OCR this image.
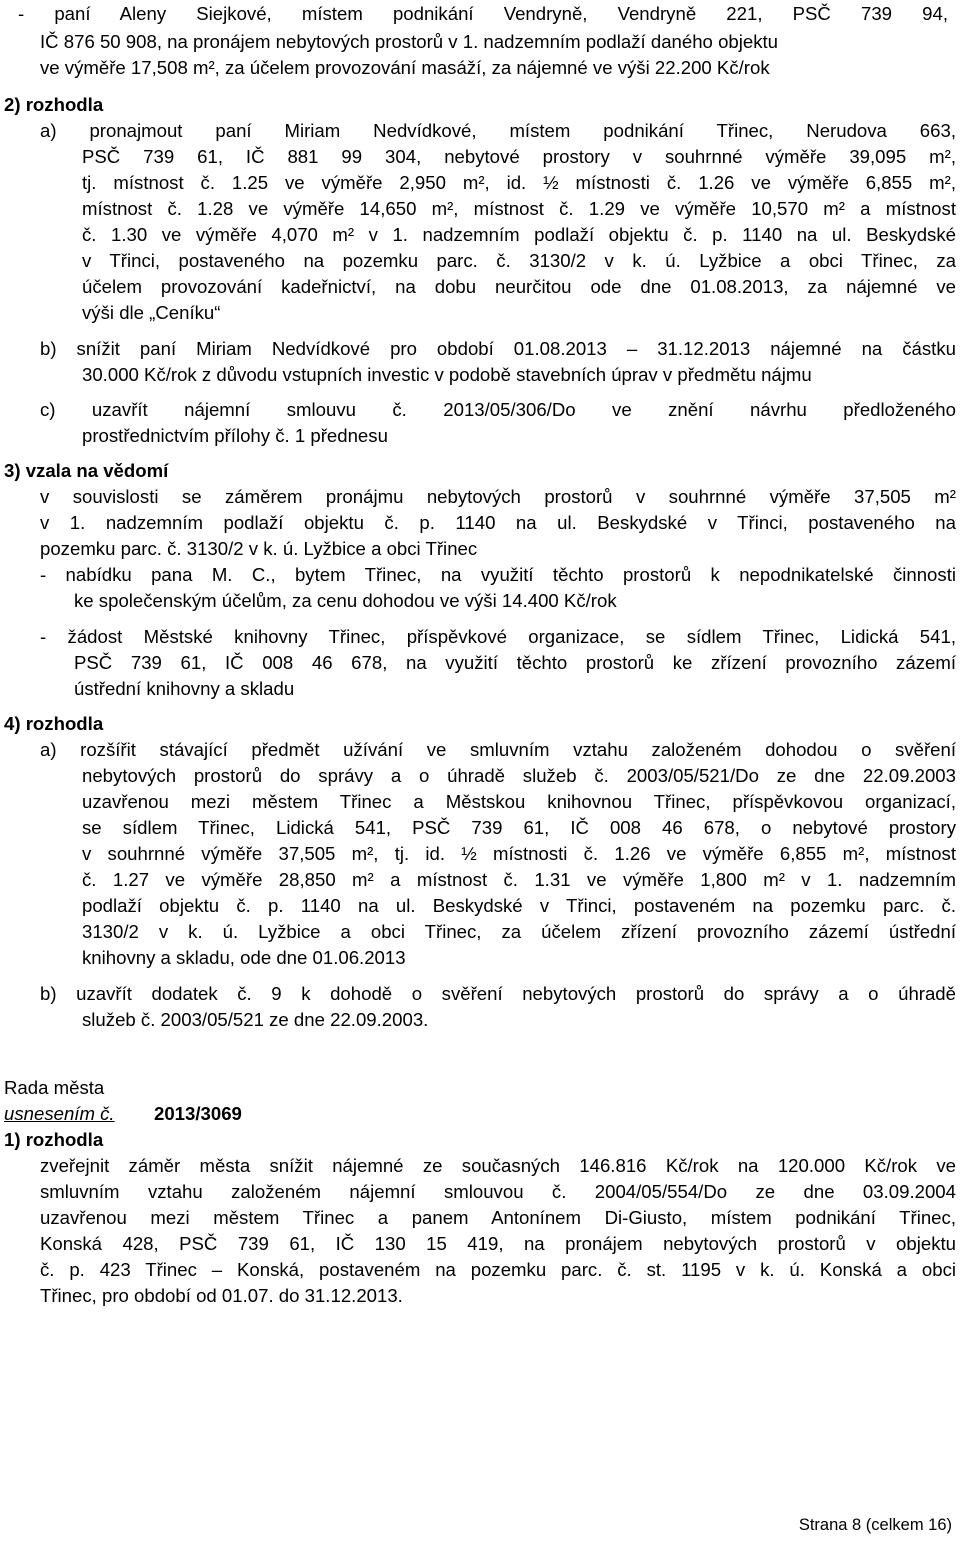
- paní Aleny Siejkové, místem podnikání Vendryně, Vendryně 221, PSČ 739 94,
IČ 876 50 908, na pronájem nebytových prostorů v 1. nadzemním podlaží daného objektu
ve výměře 17,508 m², za účelem provozování masáží, za nájemné ve výši 22.200 Kč/rok
2) rozhodla
a) pronajmout paní Miriam Nedvídkové, místem podnikání Třinec, Nerudova 663,
PSČ 739 61, IČ 881 99 304, nebytové prostory v souhrnné výměře 39,095 m²,
tj. místnost č. 1.25 ve výměře 2,950 m², id. ½ místnosti č. 1.26 ve výměře 6,855 m²,
místnost č. 1.28 ve výměře 14,650 m², místnost č. 1.29 ve výměře 10,570 m² a místnost
č. 1.30 ve výměře 4,070 m² v 1. nadzemním podlaží objektu č. p. 1140 na ul. Beskydské
v Třinci, postaveného na pozemku parc. č. 3130/2 v k. ú. Lyžbice a obci Třinec, za
účelem provozování kadeřnictví, na dobu neurčitou ode dne 01.08.2013, za nájemné ve
výši dle „Ceníku“
b) snížit paní Miriam Nedvídkové pro období 01.08.2013 – 31.12.2013 nájemné na částku
30.000 Kč/rok z důvodu vstupních investic v podobě stavebních úprav v předmětu nájmu
c) uzavřít nájemní smlouvu č. 2013/05/306/Do ve znění návrhu předloženého
prostřednictvím přílohy č. 1 přednesu
3) vzala na vědomí
v souvislosti se záměrem pronájmu nebytových prostorů v souhrnné výměře 37,505 m²
v 1. nadzemním podlaží objektu č. p. 1140 na ul. Beskydské v Třinci, postaveného na
pozemku parc. č. 3130/2 v k. ú. Lyžbice a obci Třinec
- nabídku pana M. C., bytem Třinec, na využití těchto prostorů k nepodnikatelské činnosti
ke společenským účelům, za cenu dohodou ve výši 14.400 Kč/rok
- žádost Městské knihovny Třinec, příspěvkové organizace, se sídlem Třinec, Lidická 541,
PSČ 739 61, IČ 008 46 678, na využití těchto prostorů ke zřízení provozního zázemí
ústřední knihovny a skladu
4) rozhodla
a) rozšířit stávající předmět užívání ve smluvním vztahu založeném dohodou o svěření
nebytových prostorů do správy a o úhradě služeb č. 2003/05/521/Do ze dne 22.09.2003
uzavřenou mezi městem Třinec a Městskou knihovnou Třinec, příspěvkovou organizací,
se sídlem Třinec, Lidická 541, PSČ 739 61, IČ 008 46 678, o nebytové prostory
v souhrnné výměře 37,505 m², tj. id. ½ místnosti č. 1.26 ve výměře 6,855 m², místnost
č. 1.27 ve výměře 28,850 m² a místnost č. 1.31 ve výměře 1,800 m² v 1. nadzemním
podlaží objektu č. p. 1140 na ul. Beskydské v Třinci, postaveném na pozemku parc. č.
3130/2 v k. ú. Lyžbice a obci Třinec, za účelem zřízení provozního zázemí ústřední
knihovny a skladu, ode dne 01.06.2013
b) uzavřít dodatek č. 9 k dohodě o svěření nebytových prostorů do správy a o úhradě
služeb č. 2003/05/521 ze dne 22.09.2003.
Rada města
usnesením č. 2013/3069
1) rozhodla
zveřejnit záměr města snížit nájemné ze současných 146.816 Kč/rok na 120.000 Kč/rok ve
smluvním vztahu založeném nájemní smlouvou č. 2004/05/554/Do ze dne 03.09.2004
uzavřenou mezi městem Třinec a panem Antonínem Di-Giusto, místem podnikání Třinec,
Konská 428, PSČ 739 61, IČ 130 15 419, na pronájem nebytových prostorů v objektu
č. p. 423 Třinec – Konská, postaveném na pozemku parc. č. st. 1195 v k. ú. Konská a obci
Třinec, pro období od 01.07. do 31.12.2013.
Strana 8 (celkem 16)
